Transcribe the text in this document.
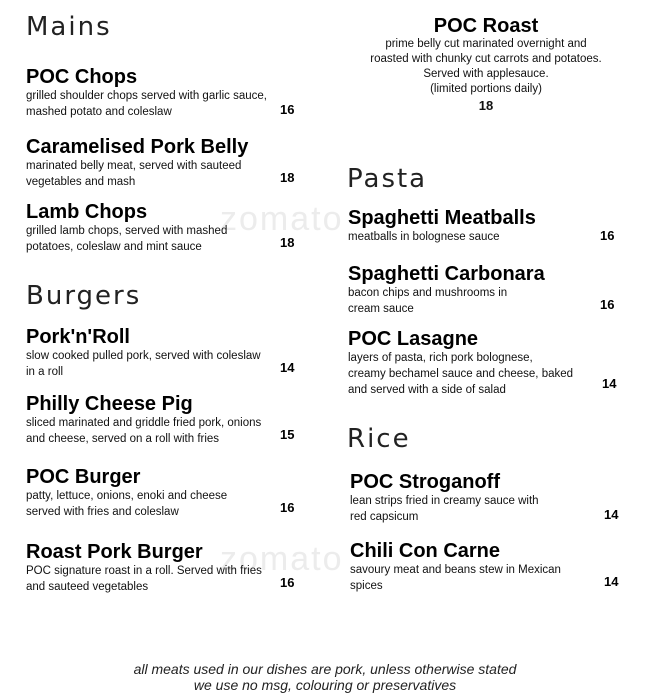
zomato
zomato
Mains

POC Chops

grilled shoulder chops served with garlic sauce,

mashed potato and coleslaw	16

Caramelised Pork Belly

marinated belly meat, served with sauteed

vegetables and mash	18

Lamb Chops

grilled lamb chops, served with mashed

potatoes, coleslaw and mint sauce	18
Burgers

Pork'n'Roll

slow cooked pulled pork, served with coleslaw

in a roll	14

Philly Cheese Pig

sliced marinated and griddle fried pork, onions

and cheese, served on a roll with fries	15

POC Burger

patty, lettuce, onions, enoki and cheese

served with fries and coleslaw	16

Roast Pork Burger

POC signature roast in a roll. Served with fries

and sauteed vegetables	16

POC Roast

prime belly cut marinated overnight and

roasted with chunky cut carrots and potatoes.

Served with applesauce.

(limited portions daily)

18

Pasta

Spaghetti Meatballs

meatballs in bolognese sauce	16

Spaghetti Carbonara

bacon chips and mushrooms in

cream sauce	16

POC Lasagne

layers of pasta, rich pork bolognese,

creamy bechamel sauce and cheese, baked

and served with a side of salad	14
Rice

POC Stroganoff

lean strips fried in creamy sauce with

red capsicum	14

Chili Con Carne

savoury meat and beans stew in Mexican

spices	14
all meats used in our dishes are pork, unless otherwise stated
we use no msg, colouring or preservatives
